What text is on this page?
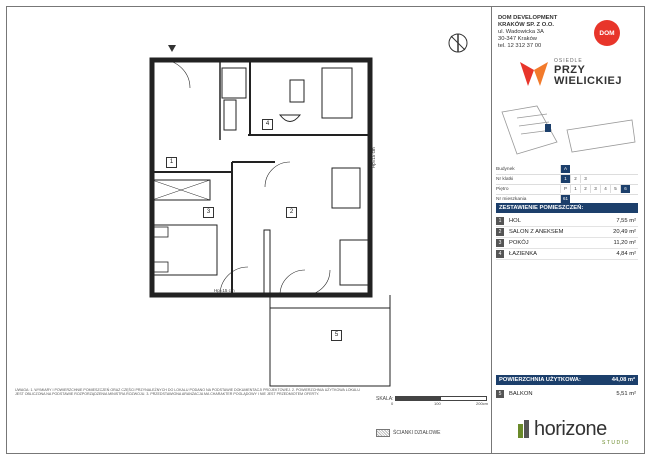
1
2
3
4
5
Hp=15 cm
Hp=15 cm
DOM DEVELOPMENT
KRAKÓW SP. Z O.O.
ul. Wadowicka 3A
30-347 Kraków
tel. 12 312 37 00
DOM
OSIEDLE
PRZY
WIELICKIEJ
Budynek	A
Nr klatki	1	2	3
Piętro	P	1	2	3	4	5	6
Nr mieszkania	61
ZESTAWIENIE POMIESZCZEŃ:
1	HOL	7,55 m²
2	SALON Z ANEKSEM	20,49 m²
3	POKÓJ	11,20 m²
4	ŁAZIENKA	4,84 m²
POWIERZCHNIA UŻYTKOWA:	44,08 m²
5	BALKON	5,51 m²
UWAGA: 1. WYMIARY I POWIERZCHNIE POMIESZCZEŃ ORAZ CZĘŚCI PRZYNALEŻNYCH DO LOKALU PODANO NA PODSTAWIE DOKUMENTACJI PROJEKTOWEJ. 2. POWIERZCHNIA UŻYTKOWA LOKALU JEST OBLICZONA NA PODSTAWIE ROZPORZĄDZENIA MINISTRA ROZWOJU. 3. PRZEDSTAWIONA ARANŻACJA MA CHARAKTER POGLĄDOWY I NIE JEST PRZEDMIOTEM OFERTY.
SKALA:
0	100	200cm
ŚCIANKI DZIAŁOWE	horizone
STUDIO
